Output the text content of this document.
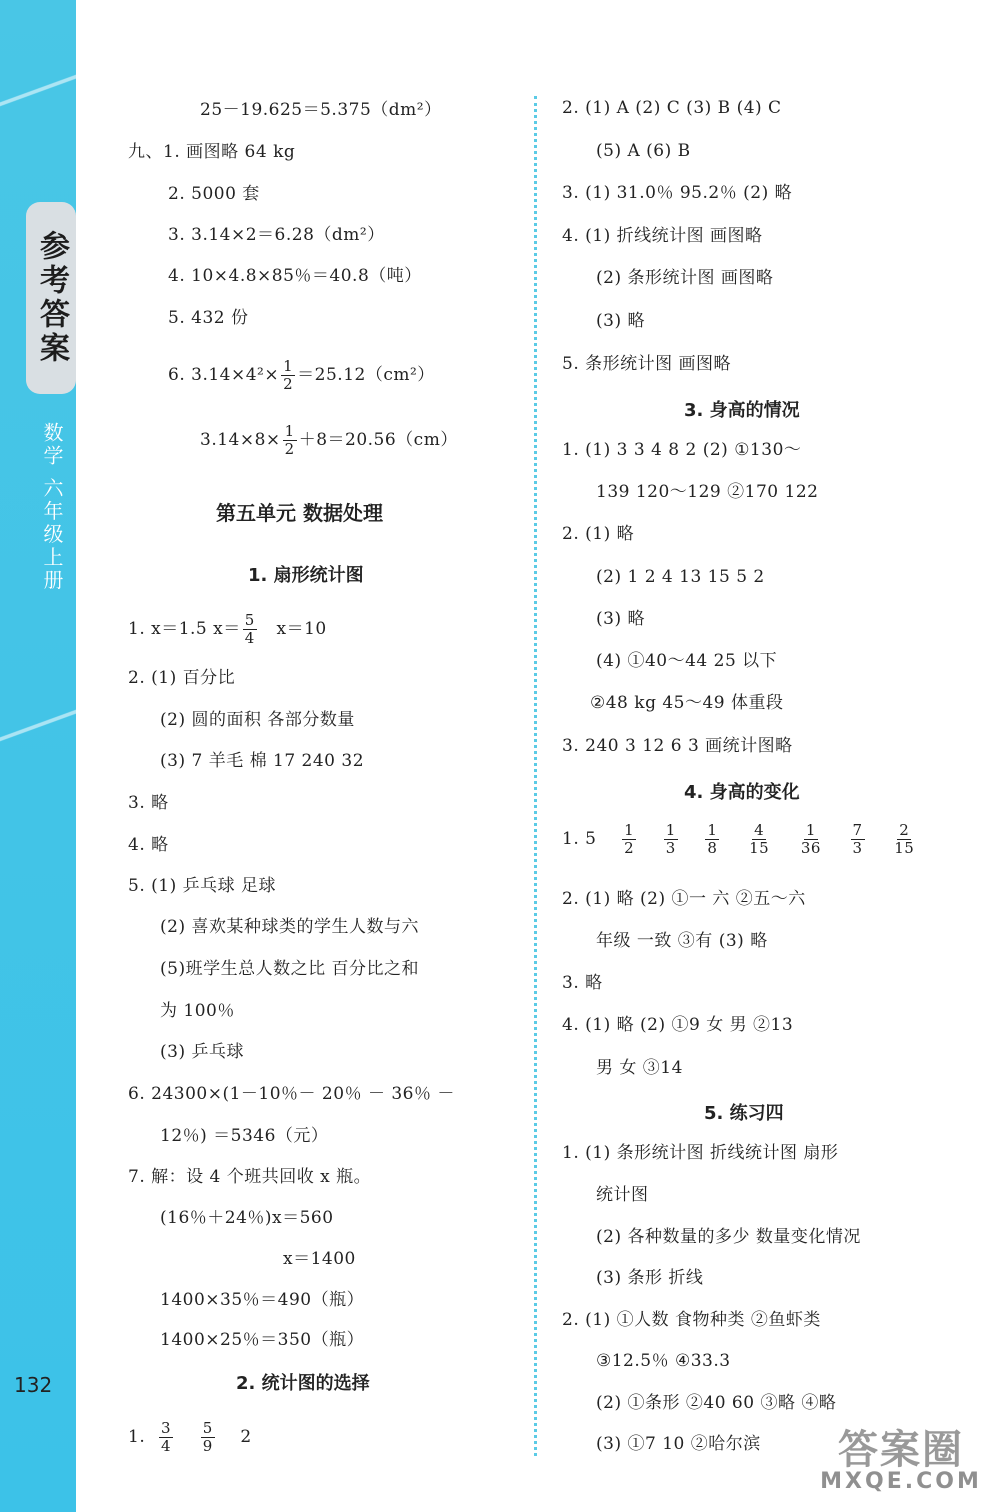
参考答案
数学 六年级上册
132
25－19.625＝5.375（dm²）
九、1. 画图略 64 kg
2. 5000 套
3. 3.14×2＝6.28（dm²）
4. 10×4.8×85％＝40.8（吨）
5. 432 份
6. $3.14\times 4^2\times \frac{1}{2} =25.12(cm^2)$
$3.14\times 8\times \frac{1}{2} +8=20.56(cm)$
第五单元 数据处理
1. 扇形统计图
1. x＝1.5 $x= \frac{5}{4} x=10$
2. (1) 百分比
(2) 圆的面积 各部分数量
(3) 7 羊毛 棉 17 240 32
3. 略
4. 略
5. (1) 乒乓球 足球
(2) 喜欢某种球类的学生人数与六
(5)班学生总人数之比 百分比之和
为 100％
(3) 乒乓球
6. 24300×(1－10％－ 20％ － 36％ －
12％) ＝5346（元）
7. 解：设 4 个班共回收 x 瓶。
(16％＋24％)x＝560
x＝1400
1400×35％＝490（瓶）
1400×25％＝350（瓶）
2. 统计图的选择
1. $\frac{3}{4}$
$\frac{5}{9} 2$
2. (1) A (2) C (3) B (4) C
(5) A (6) B
3. (1) 31.0％ 95.2％ (2) 略
4. (1) 折线统计图 画图略
(2) 条形统计图 画图略
(3) 略
5. 条形统计图 画图略
3. 身高的情况
1. (1) 3 3 4 8 2 (2) ①130～
139 120～129 ②170 122
2. (1) 略
(2) 1 2 4 13 15 5 2
(3) 略
(4) ①40～44 25 以下
②48 kg 45～49 体重段
3. 240 3 12 6 3 画统计图略
4. 身高的变化
1. $5 \frac{1}{2}$
$\frac{1}{3}$
$\frac{1}{8}$
$\frac{4}{15}$
$\frac{1}{36}$
$\frac{7}{3}$
$\frac{2}{15}$
2. (1) 略 (2) ①一 六 ②五～六
年级 一致 ③有 (3) 略
3. 略
4. (1) 略 (2) ①9 女 男 ②13
男 女 ③14
5. 练习四
1. (1) 条形统计图 折线统计图 扇形
统计图
(2) 各种数量的多少 数量变化情况
(3) 条形 折线
2. (1) ①人数 食物种类 ②鱼虾类
③12.5％ ④33.3
(2) ①条形 ②40 60 ③略 ④略
(3) ①7 10 ②哈尔滨	答案圈
MXQE.COM
